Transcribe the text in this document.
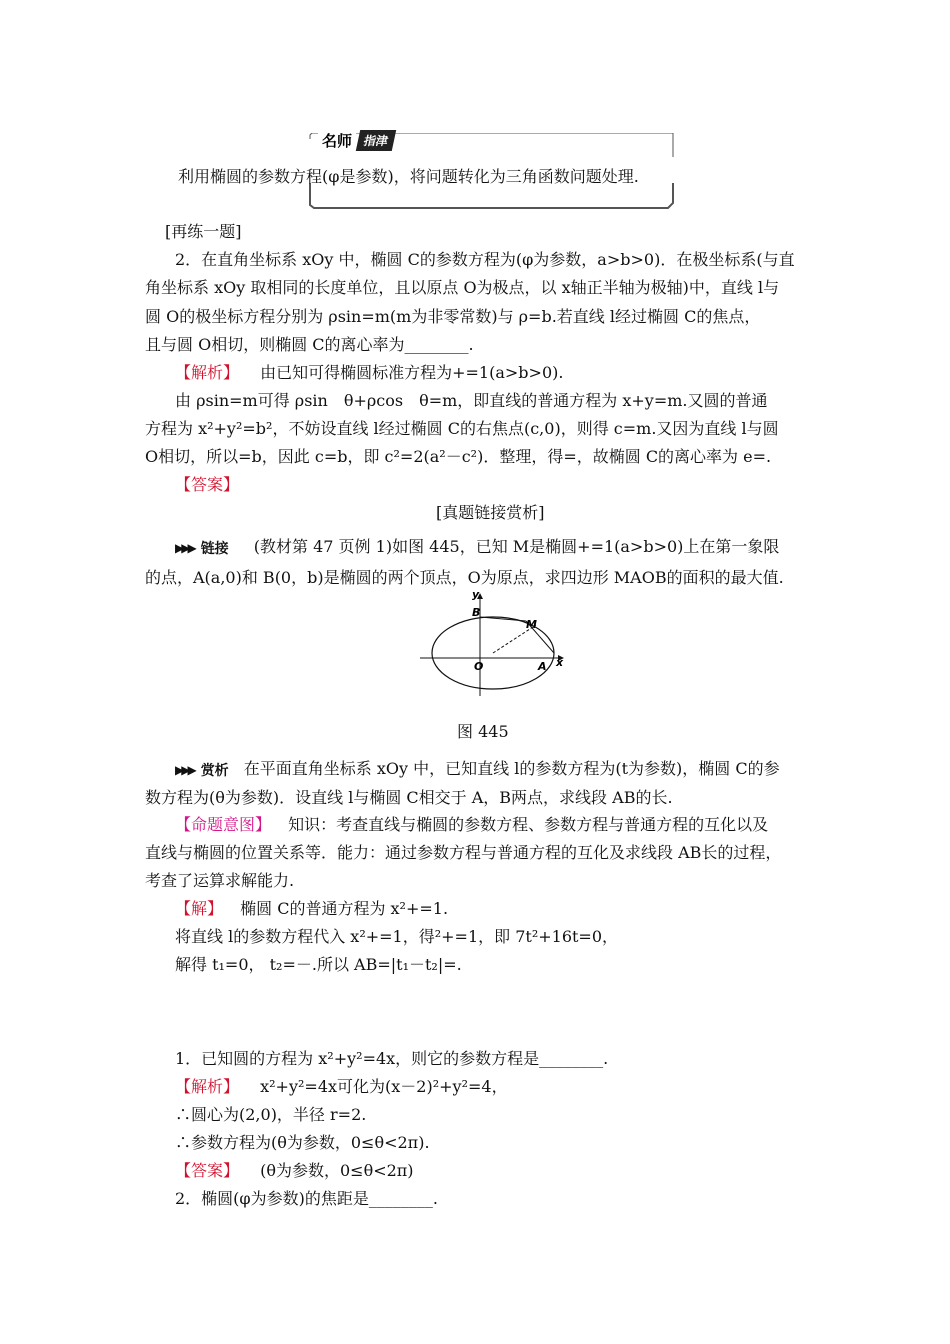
名师 指津
利用椭圆的参数方程(φ是参数)，将问题转化为三角函数问题处理.
[再练一题]
2．在直角坐标系 xOy 中，椭圆 C的参数方程为(φ为参数，a>b>0)．在极坐标系(与直
角坐标系 xOy 取相同的长度单位，且以原点 O为极点，以 x轴正半轴为极轴)中，直线 l与
圆 O的极坐标方程分别为 ρsin=m(m为非零常数)与 ρ=b.若直线 l经过椭圆 C的焦点，
且与圆 O相切，则椭圆 C的离心率为________.
【解析】 由已知可得椭圆标准方程为+=1(a>b>0).
由 ρsin=m可得 ρsin　θ+ρcos　θ=m，即直线的普通方程为 x+y=m.又圆的普通
方程为 x²+y²=b²，不妨设直线 l经过椭圆 C的右焦点(c,0)，则得 c=m.又因为直线 l与圆
O相切，所以=b，因此 c=b，即 c²=2(a²－c²)．整理，得=，故椭圆 C的离心率为 e=.
【答案】
[真题链接赏析]
▶▶▶ 链接 (教材第 47 页例 1)如图 445，已知 M是椭圆+=1(a>b>0)上在第一象限
的点，A(a,0)和 B(0，b)是椭圆的两个顶点，O为原点，求四边形 MAOB的面积的最大值.
y
B
M
O	A x
图 445
▶▶▶ 赏析 在平面直角坐标系 xOy 中，已知直线 l的参数方程为(t为参数)，椭圆 C的参
数方程为(θ为参数)．设直线 l与椭圆 C相交于 A，B两点，求线段 AB的长.
【命题意图】 知识：考查直线与椭圆的参数方程、参数方程与普通方程的互化以及
直线与椭圆的位置关系等．能力：通过参数方程与普通方程的互化及求线段 AB长的过程，
考查了运算求解能力.
【解】 椭圆 C的普通方程为 x²+=1.
将直线 l的参数方程代入 x²+=1，得²+=1，即 7t²+16t=0，
解得 t₁=0， t₂=－.所以 AB=|t₁－t₂|=.
1．已知圆的方程为 x²+y²=4x，则它的参数方程是________.
【解析】 x²+y²=4x可化为(x－2)²+y²=4，
∴圆心为(2,0)，半径 r=2.
∴参数方程为(θ为参数，0≤θ<2π).
【答案】 (θ为参数，0≤θ<2π)
2．椭圆(φ为参数)的焦距是________.
